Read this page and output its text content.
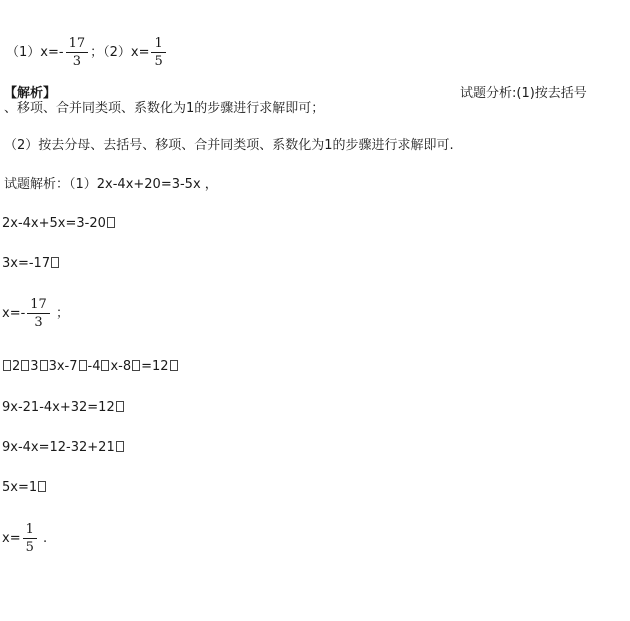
$(1)x=- \frac{17}{3}$ ；$(2)x= \frac{1}{5}$
【解析】	试题分析:(1)按去括号
、移项、合并同类项、系数化为1的步骤进行求解即可；
（2）按去分母、去括号、移项、合并同类项、系数化为1的步骤进行求解即可.
试题解析：（1）2x-4x+20=3-5x ，
2x-4x+5x=3-20
3x=-17
$x=- \frac{17}{3}$ ；
2 3 3x-7 -4 x-8 =12
9x-21-4x+32=12
9x-4x=12-32+21
5x=1
$x= \frac{1}{5}$ .
